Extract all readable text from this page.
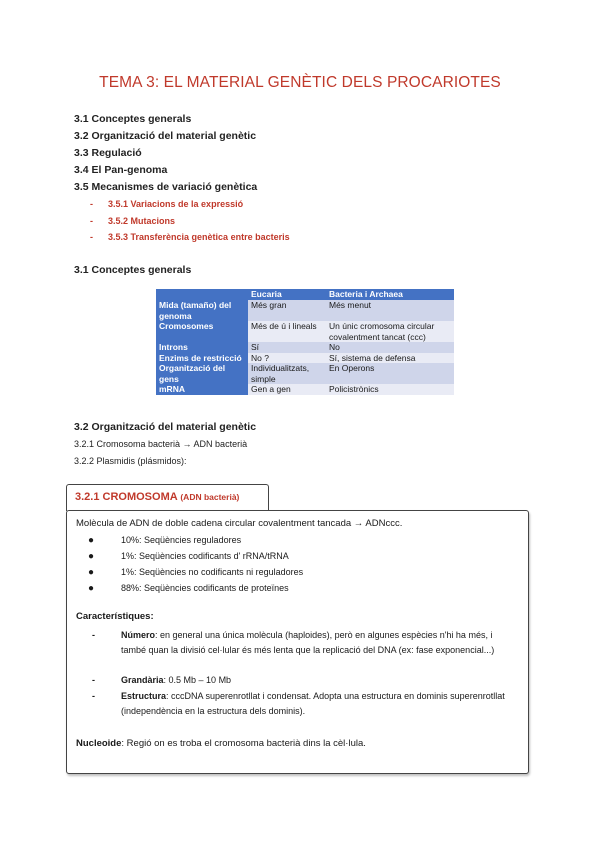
TEMA 3: EL MATERIAL GENÈTIC DELS PROCARIOTES
3.1 Conceptes generals
3.2 Organització del material genètic
3.3 Regulació
3.4 El Pan-genoma
3.5 Mecanismes de variació genètica
- 3.5.1 Variacions de la expressió
- 3.5.2 Mutacions
- 3.5.3 Transferència genètica entre bacteris
3.1 Conceptes generals
	Eucaria	Bacteria i Archaea
Mida (tamaño) del genoma	Més gran	Més menut
Cromosomes	Més de ú i lineals	Un únic cromosoma circular covalentment tancat (ccc)
Introns	Sí	No
Enzims de restricció	No ?	Sí, sistema de defensa
Organització del gens	Individualitzats, simple	En Operons
mRNA	Gen a gen	Policistrònics
3.2 Organització del material genètic
3.2.1 Cromosoma bacterià → ADN bacterià
3.2.2 Plasmidis (plásmidos):
3.2.1 CROMOSOMA (ADN bacterià)
Molècula de ADN de doble cadena circular covalentment tancada → ADNccc.
●	10%: Seqüències reguladores
●	1%: Seqüències codificants d' rRNA/tRNA
●	1%: Seqüències no codificants ni reguladores
●	88%: Seqüències codificants de proteïnes
Característiques:
-	Número: en general una única molècula (haploides), però en algunes espècies n'hi ha més, i també quan la divisió cel·lular és més lenta que la replicació del DNA (ex: fase exponencial...)
-	Grandària: 0.5 Mb – 10 Mb
-	Estructura: cccDNA superenrotllat i condensat. Adopta una estructura en dominis superenrotllat (independència en la estructura dels dominis).
Nucleoide: Regió on es troba el cromosoma bacterià dins la cèl·lula.
